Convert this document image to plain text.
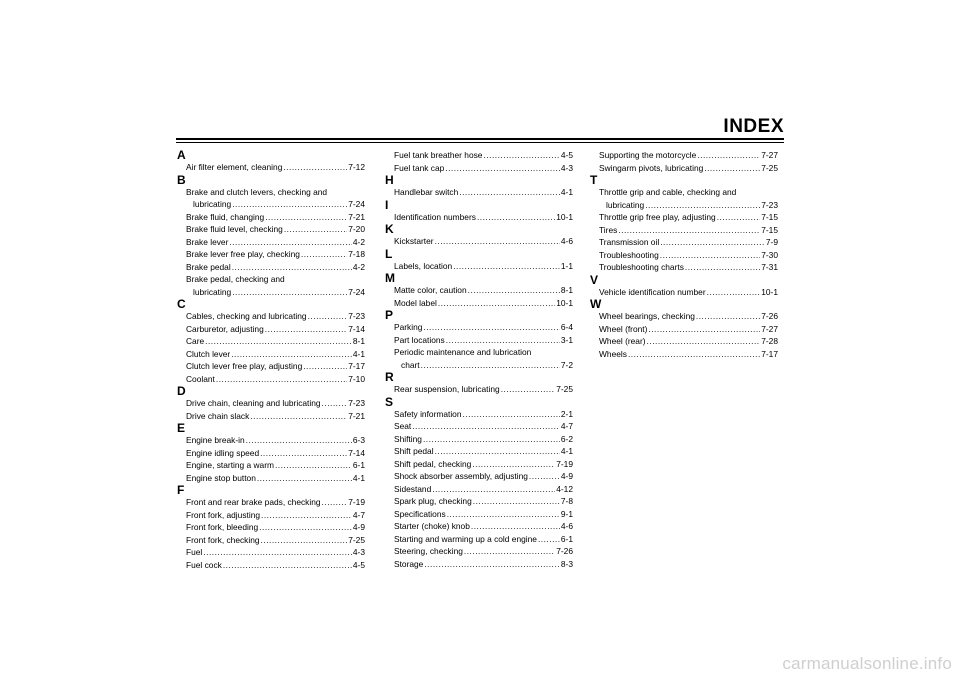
INDEX
A
Air filter element, cleaning .....	7-12
B
Brake and clutch levers, checking and
lubricating .....	7-24
Brake fluid, changing .....	7-21
Brake fluid level, checking .....	7-20
Brake lever .....	4-2
Brake lever free play, checking .....	7-18
Brake pedal .....	4-2
Brake pedal, checking and
lubricating .....	7-24
C
Cables, checking and lubricating .....	7-23
Carburetor, adjusting .....	7-14
Care .....	8-1
Clutch lever .....	4-1
Clutch lever free play, adjusting .....	7-17
Coolant .....	7-10
D
Drive chain, cleaning and lubricating .....	7-23
Drive chain slack .....	7-21
E
Engine break-in .....	6-3
Engine idling speed .....	7-14
Engine, starting a warm .....	6-1
Engine stop button .....	4-1
F
Front and rear brake pads, checking .....	7-19
Front fork, adjusting .....	4-7
Front fork, bleeding .....	4-9
Front fork, checking .....	7-25
Fuel .....	4-3
Fuel cock .....	4-5
Fuel tank breather hose .....	4-5
Fuel tank cap .....	4-3
H
Handlebar switch .....	4-1
I
Identification numbers .....	10-1
K
Kickstarter .....	4-6
L
Labels, location .....	1-1
M
Matte color, caution .....	8-1
Model label .....	10-1
P
Parking .....	6-4
Part locations .....	3-1
Periodic maintenance and lubrication
chart .....	7-2
R
Rear suspension, lubricating .....	7-25
S
Safety information .....	2-1
Seat .....	4-7
Shifting .....	6-2
Shift pedal .....	4-1
Shift pedal, checking .....	7-19
Shock absorber assembly, adjusting .....	4-9
Sidestand .....	4-12
Spark plug, checking .....	7-8
Specifications .....	9-1
Starter (choke) knob .....	4-6
Starting and warming up a cold engine .....	6-1
Steering, checking .....	7-26
Storage .....	8-3
Supporting the motorcycle .....	7-27
Swingarm pivots, lubricating .....	7-25
T
Throttle grip and cable, checking and
lubricating .....	7-23
Throttle grip free play, adjusting .....	7-15
Tires .....	7-15
Transmission oil .....	7-9
Troubleshooting .....	7-30
Troubleshooting charts .....	7-31
V
Vehicle identification number .....	10-1
W
Wheel bearings, checking .....	7-26
Wheel (front) .....	7-27
Wheel (rear) .....	7-28
Wheels .....	7-17
carmanualsonline.info
